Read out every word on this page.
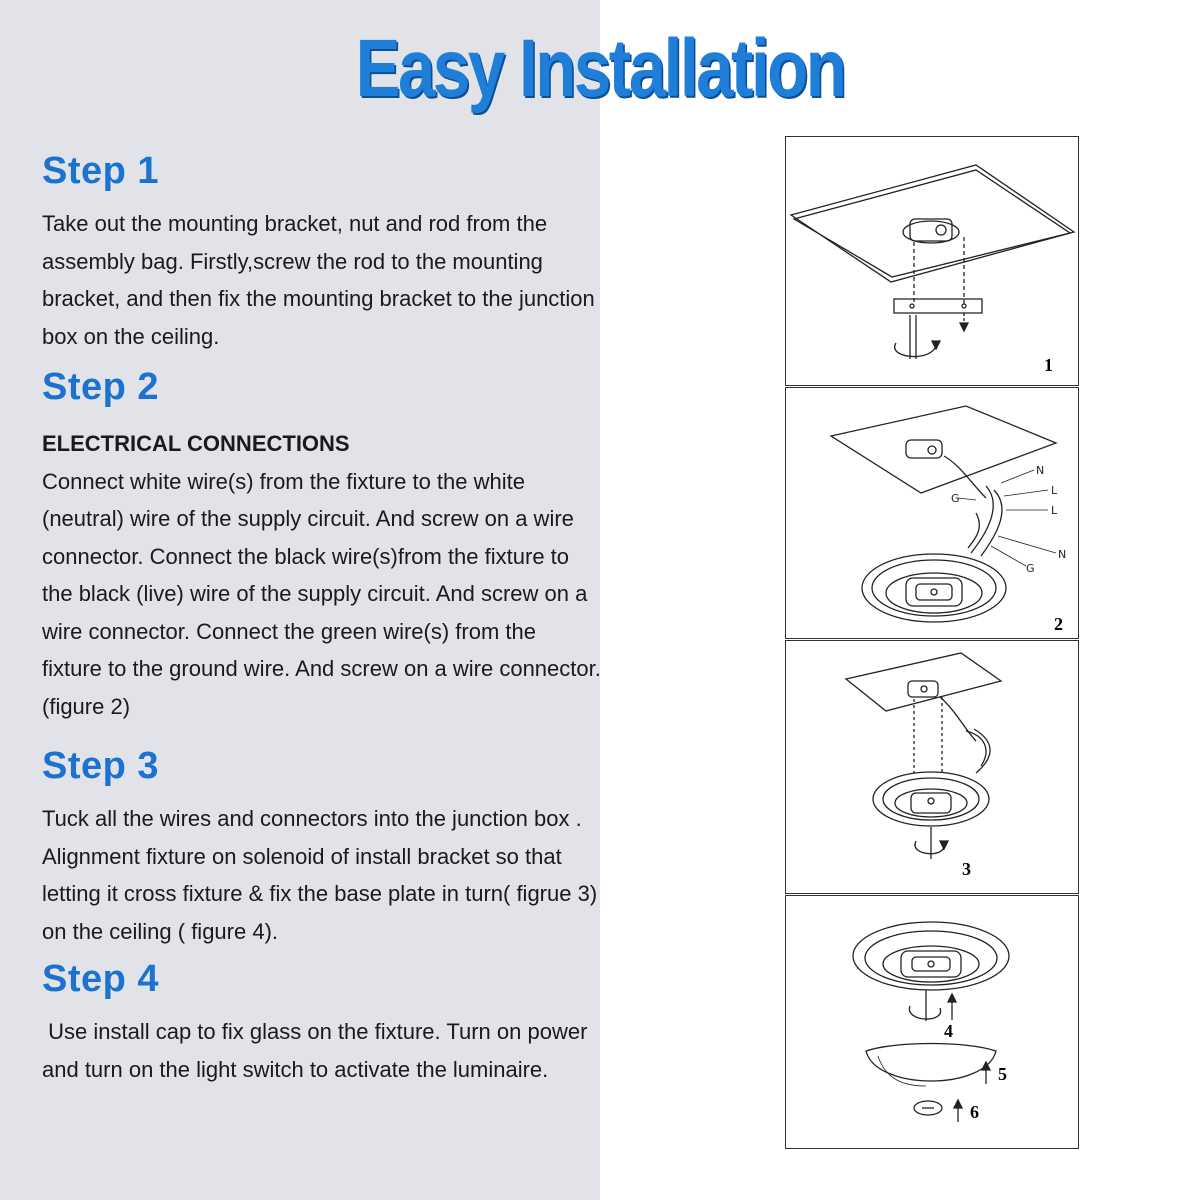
Easy Installation
Step 1
Take out the mounting bracket, nut and rod from the assembly bag. Firstly,screw the rod to the mounting bracket, and then fix the mounting bracket to the junction box on the ceiling.
Step 2
ELECTRICAL CONNECTIONS
Connect white wire(s) from the fixture to the white (neutral) wire of the supply circuit. And screw on a wire connector. Connect the black wire(s)from the fixture to the black (live) wire of the supply circuit. And screw on a wire connector. Connect the green wire(s) from the fixture to the ground wire. And screw on a wire connector.(figure 2)
Step 3
Tuck all the wires and connectors into the junction box . Alignment fixture on solenoid of install bracket so that letting it cross fixture & fix the base plate in turn( figrue 3) on the ceiling ( figure 4).
Step 4
Use install cap to fix glass on the fixture. Turn on power and turn on the light switch to activate the luminaire.
1
N
L
G
L
N
G
2
3
4
5
6
